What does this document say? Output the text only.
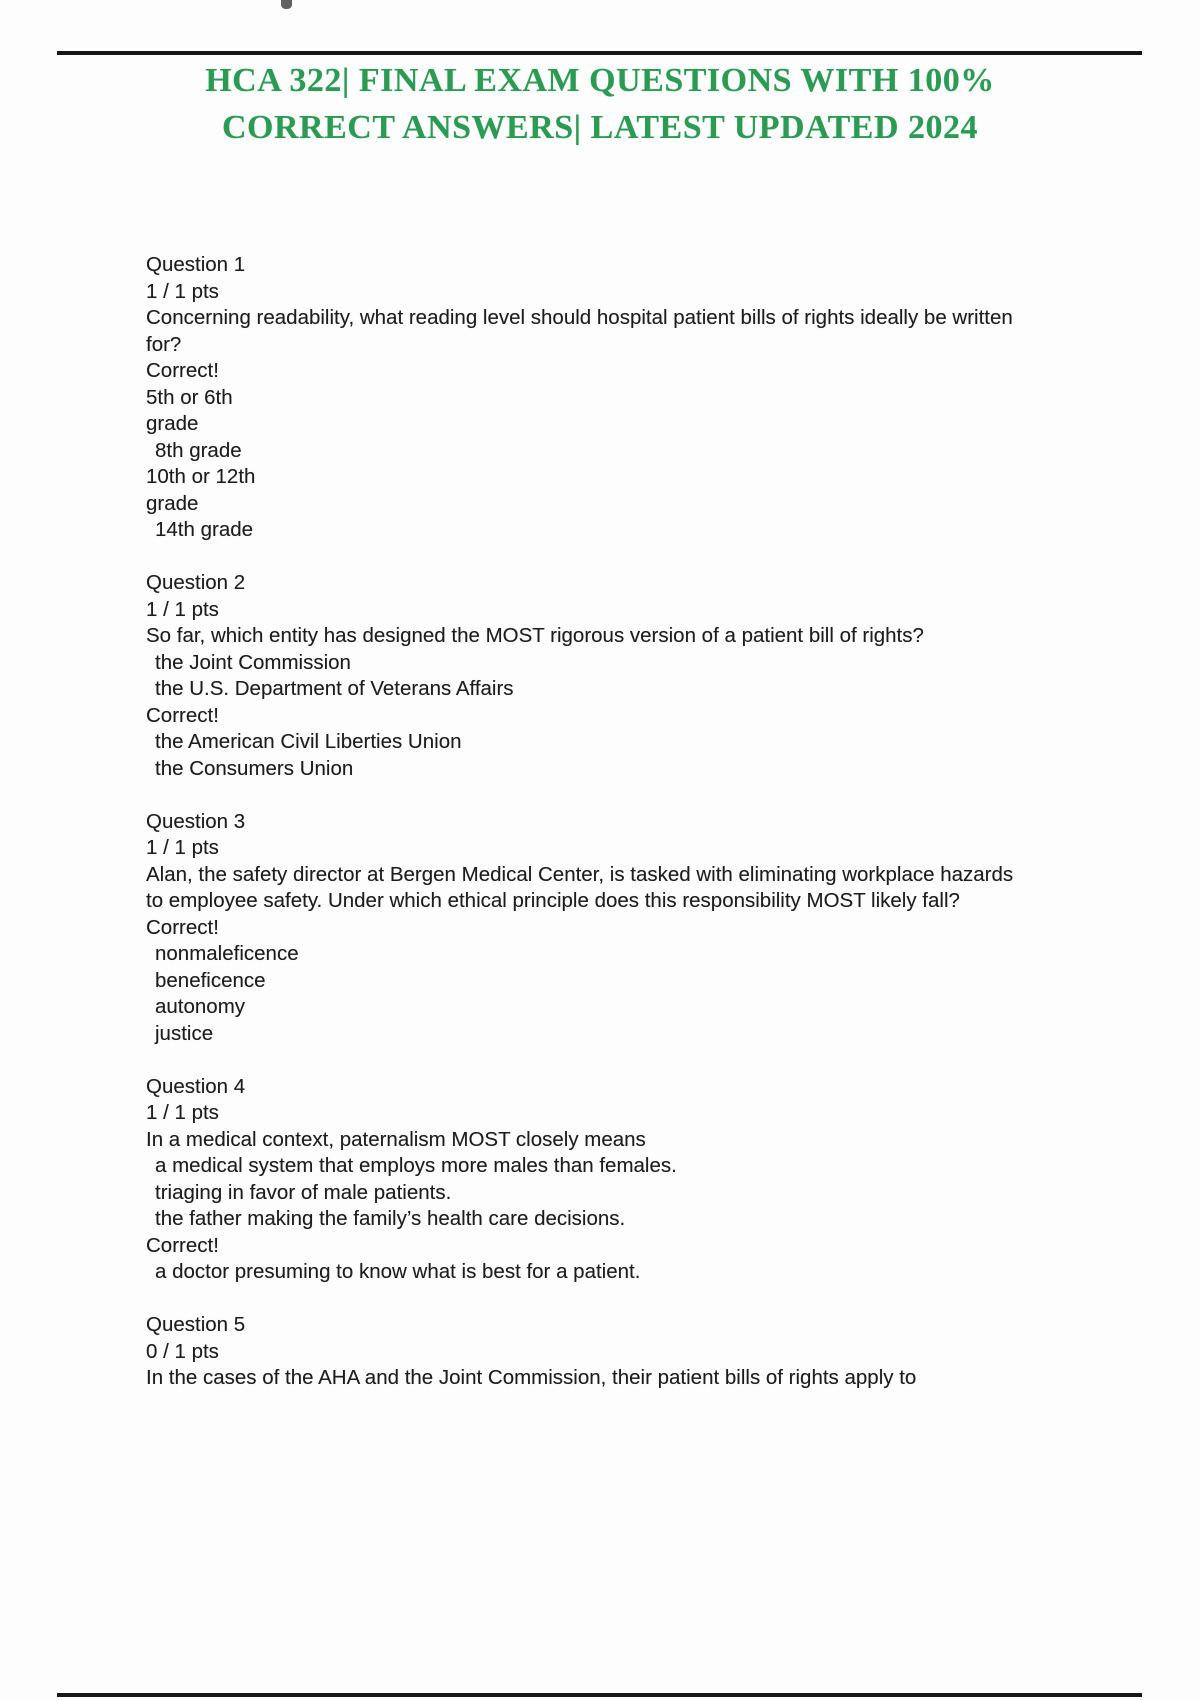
HCA 322| FINAL EXAM QUESTIONS WITH 100%
CORRECT ANSWERS| LATEST UPDATED 2024
Question 1
1 / 1 pts
Concerning readability, what reading level should hospital patient bills of rights ideally be written
for?
Correct!
5th or 6th
grade
8th grade
10th or 12th
grade
14th grade
Question 2
1 / 1 pts
So far, which entity has designed the MOST rigorous version of a patient bill of rights?
the Joint Commission
the U.S. Department of Veterans Affairs
Correct!
the American Civil Liberties Union
the Consumers Union
Question 3
1 / 1 pts
Alan, the safety director at Bergen Medical Center, is tasked with eliminating workplace hazards
to employee safety. Under which ethical principle does this responsibility MOST likely fall?
Correct!
nonmaleficence
beneficence
autonomy
justice
Question 4
1 / 1 pts
In a medical context, paternalism MOST closely means
a medical system that employs more males than females.
triaging in favor of male patients.
the father making the family’s health care decisions.
Correct!
a doctor presuming to know what is best for a patient.
Question 5
0 / 1 pts
In the cases of the AHA and the Joint Commission, their patient bills of rights apply to
